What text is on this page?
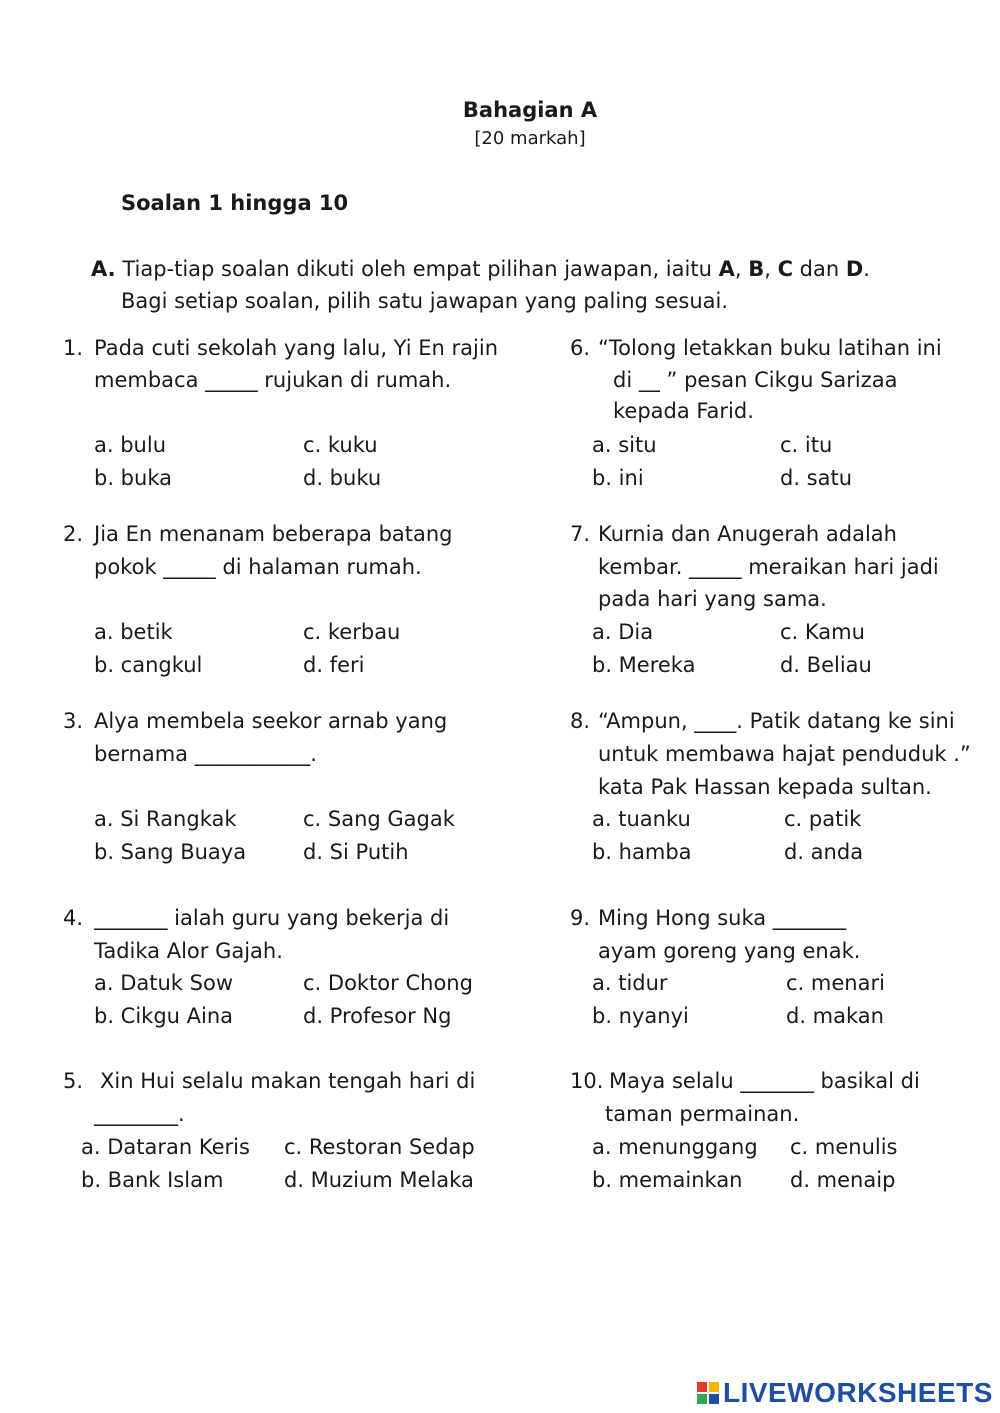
Bahagian A
[20 markah]
Soalan 1 hingga 10
A. Tiap-tiap soalan dikuti oleh empat pilihan jawapan, iaitu A, B, C dan D.
Bagi setiap soalan, pilih satu jawapan yang paling sesuai.
1. Pada cuti sekolah yang lalu, Yi En rajin
membaca _____ rujukan di rumah.
a. bulu	c. kuku
b. buka	d. buku
2. Jia En menanam beberapa batang
pokok _____ di halaman rumah.
a. betik	c. kerbau
b. cangkul	d. feri
3. Alya membela seekor arnab yang
bernama ___________.
a. Si Rangkak	c. Sang Gagak
b. Sang Buaya	d. Si Putih
4. _______ ialah guru yang bekerja di
Tadika Alor Gajah.
a. Datuk Sow	c. Doktor Chong
b. Cikgu Aina	d. Profesor Ng
5. Xin Hui selalu makan tengah hari di
________.
a. Dataran Keris c. Restoran Sedap
b. Bank Islam	d. Muzium Melaka
6. “Tolong letakkan buku latihan ini
di __ ” pesan Cikgu Sarizaa
kepada Farid.
a. situ	c. itu
b. ini	d. satu
7. Kurnia dan Anugerah adalah
kembar. _____ meraikan hari jadi
pada hari yang sama.
a. Dia	c. Kamu
b. Mereka	d. Beliau
8. “Ampun, ____. Patik datang ke sini
untuk membawa hajat penduduk .”
kata Pak Hassan kepada sultan.
a. tuanku	c. patik
b. hamba	d. anda
9. Ming Hong suka _______
ayam goreng yang enak.
a. tidur	c. menari
b. nyanyi	d. makan
10. Maya selalu _______ basikal di
taman permainan.
a. menunggang c. menulis
b. memainkan d. menaip
LIVEWORKSHEETS
